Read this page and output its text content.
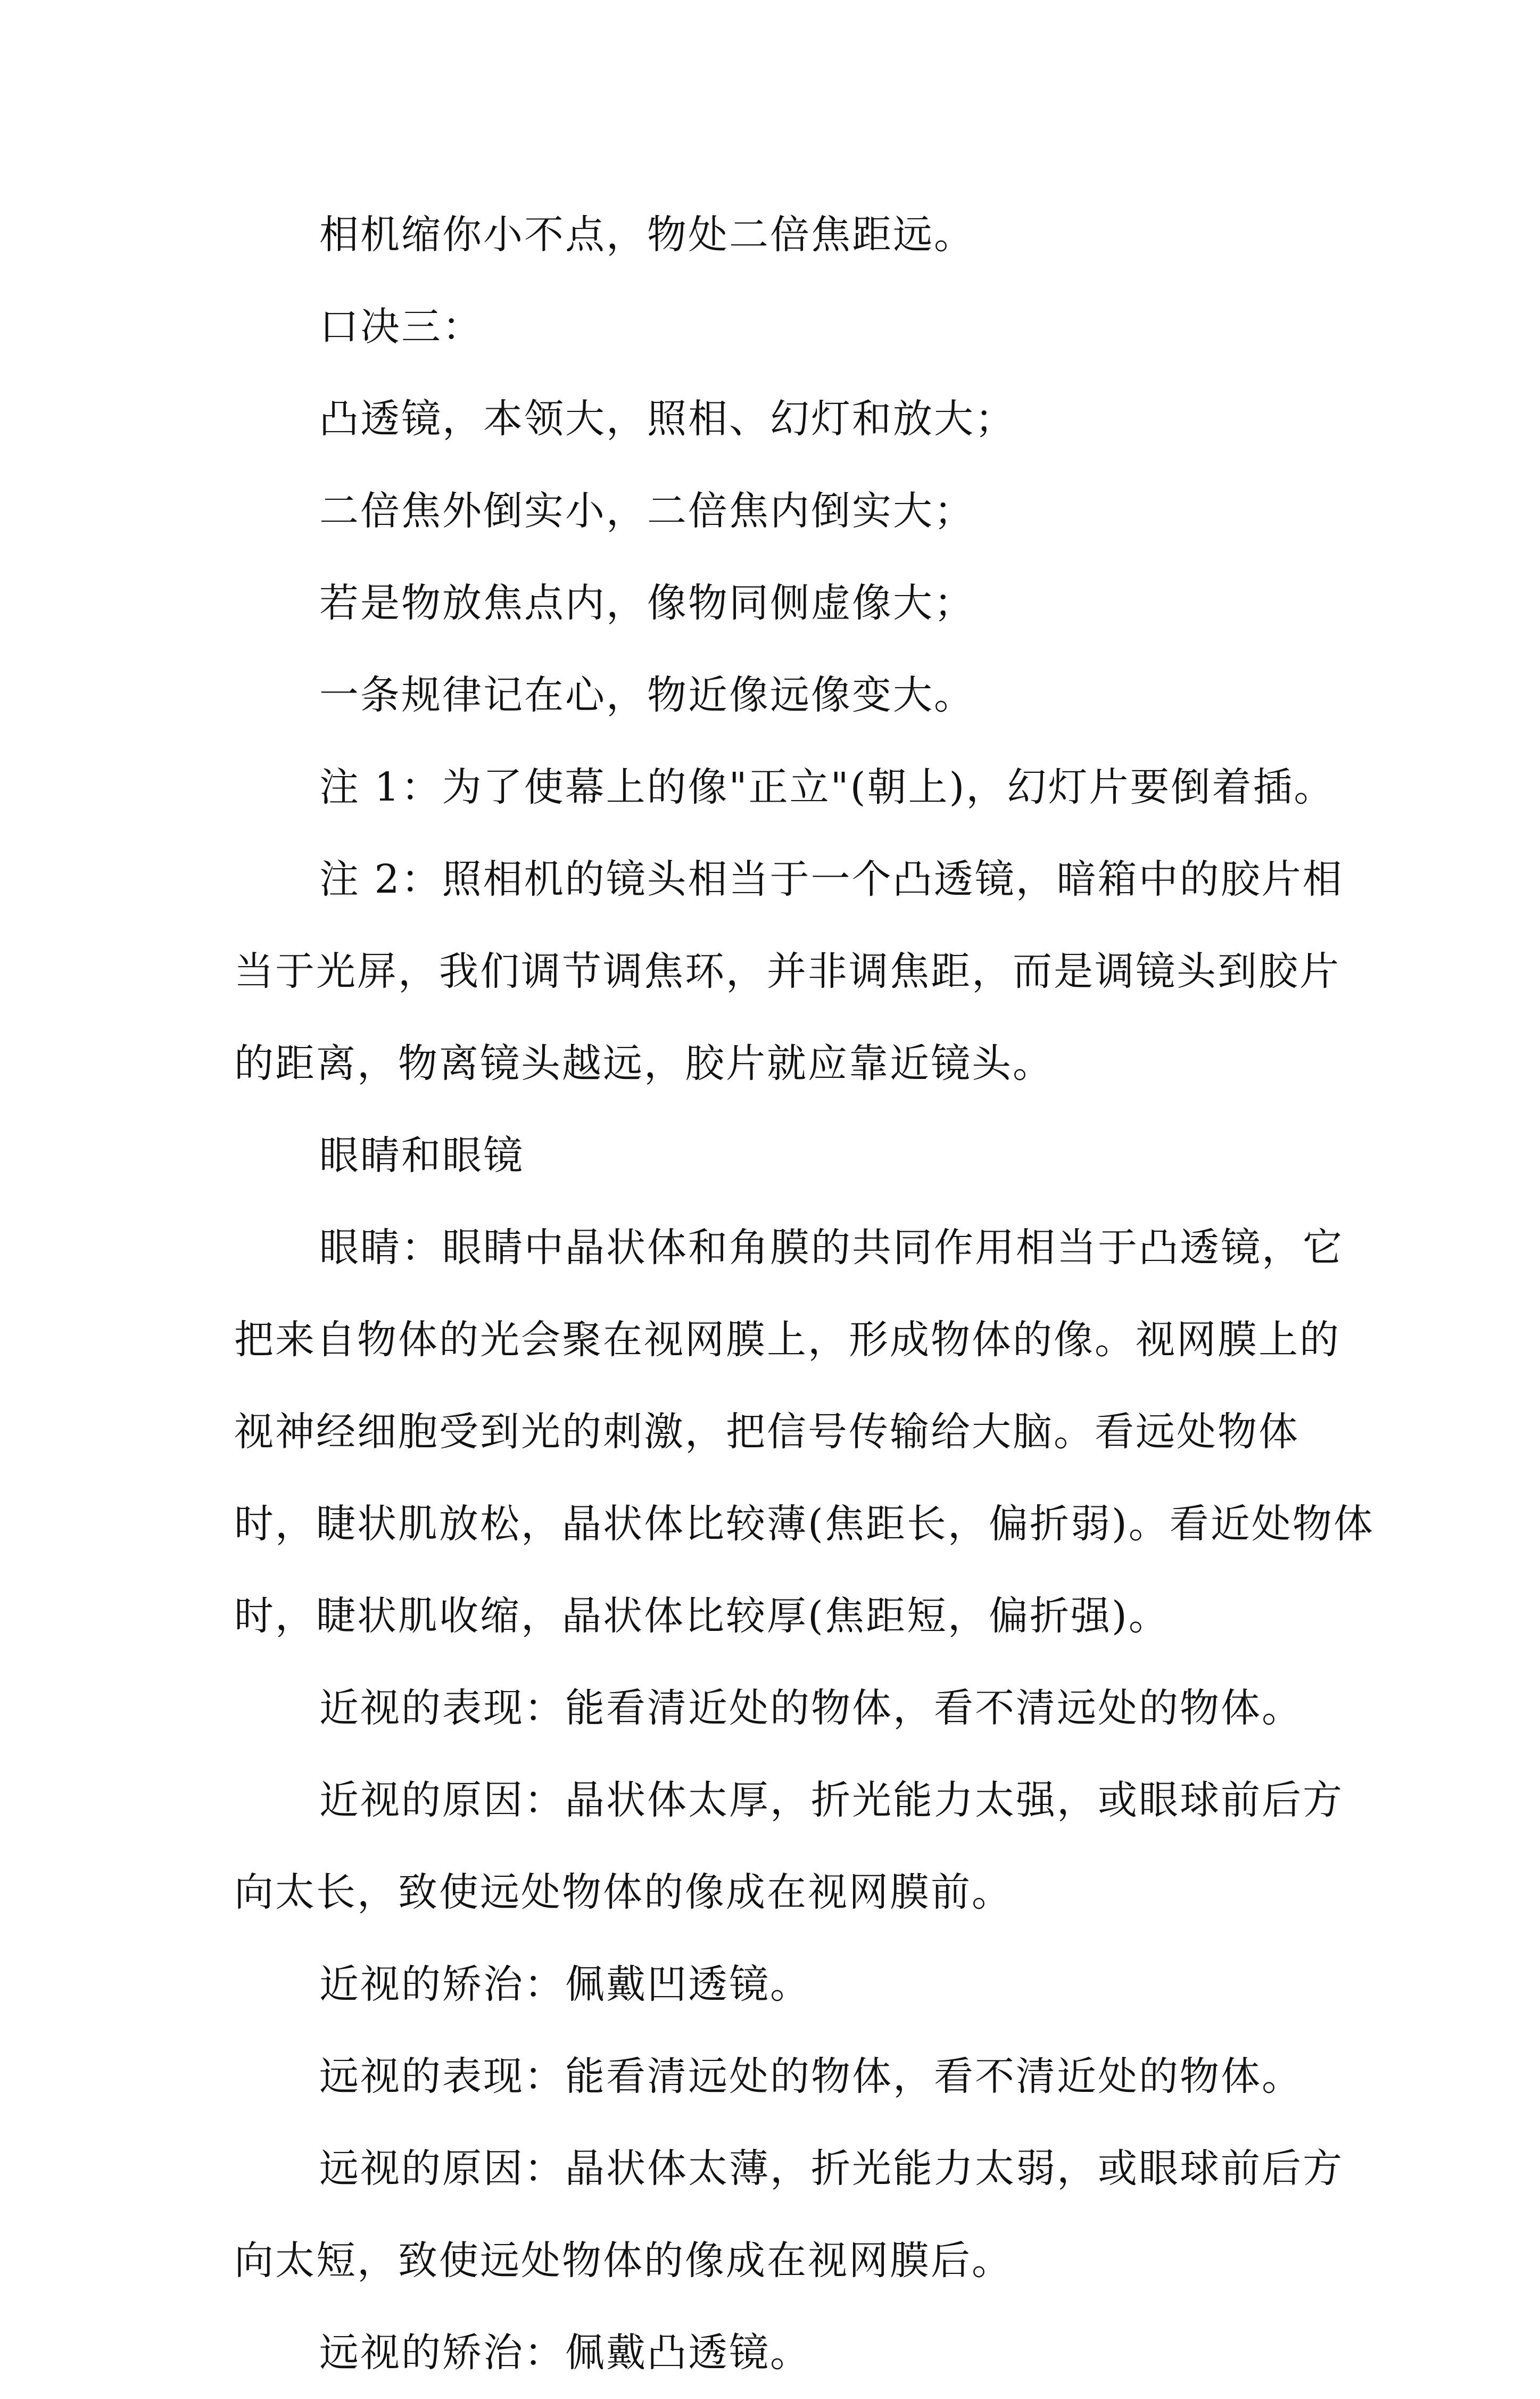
相机缩你小不点，物处二倍焦距远。

口决三：

凸透镜，本领大，照相、幻灯和放大；

二倍焦外倒实小，二倍焦内倒实大；

若是物放焦点内，像物同侧虚像大；

一条规律记在心，物近像远像变大。

注 1：为了使幕上的像"正立"(朝上)，幻灯片要倒着插。

注 2：照相机的镜头相当于一个凸透镜，暗箱中的胶片相当于光屏，我们调节调焦环，并非调焦距，而是调镜头到胶片的距离，物离镜头越远，胶片就应靠近镜头。

眼睛和眼镜

眼睛：眼睛中晶状体和角膜的共同作用相当于凸透镜，它把来自物体的光会聚在视网膜上，形成物体的像。视网膜上的视神经细胞受到光的刺激，把信号传输给大脑。看远处物体时，睫状肌放松，晶状体比较薄(焦距长，偏折弱)。看近处物体时，睫状肌收缩，晶状体比较厚(焦距短，偏折强)。

近视的表现：能看清近处的物体，看不清远处的物体。

近视的原因：晶状体太厚，折光能力太强，或眼球前后方向太长，致使远处物体的像成在视网膜前。

近视的矫治：佩戴凹透镜。

远视的表现：能看清远处的物体，看不清近处的物体。

远视的原因：晶状体太薄，折光能力太弱，或眼球前后方向太短，致使远处物体的像成在视网膜后。

远视的矫治：佩戴凸透镜。
